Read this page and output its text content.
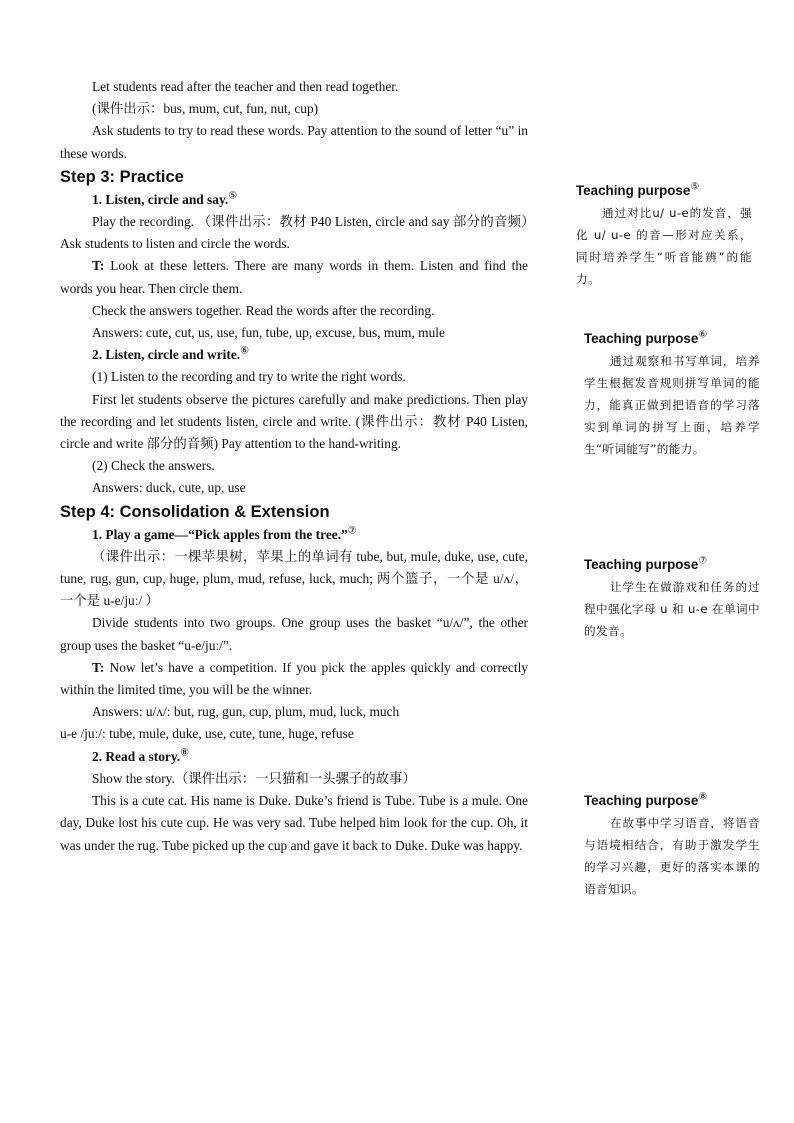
Let students read after the teacher and then read together.

(课件出示：bus, mum, cut, fun, nut, cup)

Ask students to try to read these words. Pay attention to the sound of letter “u” in these words.

Step 3: Practice

1. Listen, circle and say.⑤

Play the recording. （课件出示：教材 P40 Listen, circle and say 部分的音频）Ask students to listen and circle the words.

T: Look at these letters. There are many words in them. Listen and find the words you hear. Then circle them.

Check the answers together. Read the words after the recording.

Answers: cute, cut, us, use, fun, tube, up, excuse, bus, mum, mule

2. Listen, circle and write.⑥

(1) Listen to the recording and try to write the right words.

First let students observe the pictures carefully and make predictions. Then play the recording and let students listen, circle and write. (课件出示：教材 P40 Listen, circle and write 部分的音频) Pay attention to the hand-writing.

(2) Check the answers.

Answers: duck, cute, up, use

Step 4: Consolidation & Extension

1. Play a game—“Pick apples from the tree.”⑦

（课件出示：一棵苹果树，苹果上的单词有 tube, but, mule, duke, use, cute, tune, rug, gun, cup, huge, plum, mud, refuse, luck, much; 两个篮子，一个是 u/ʌ/，一个是 u-e/juː/ ）

Divide students into two groups. One group uses the basket “u/ʌ/”, the other group uses the basket “u-e/juː/”.

T: Now let’s have a competition. If you pick the apples quickly and correctly within the limited time, you will be the winner.

Answers: u/ʌ/: but, rug, gun, cup, plum, mud, luck, much

u-e /juː/: tube, mule, duke, use, cute, tune, huge, refuse

2. Read a story.⑧

Show the story.（课件出示：一只猫和一头骡子的故事）

This is a cute cat. His name is Duke. Duke’s friend is Tube. Tube is a mule. One day, Duke lost his cute cup. He was very sad. Tube helped him look for the cup. Oh, it was under the rug. Tube picked up the cup and gave it back to Duke. Duke was happy.

Teaching purpose⑤

通过对比u/ u-e的发音，强化 u/ u-e 的音—形对应关系，同时培养学生“听音能辨”的能力。

Teaching purpose⑥

通过观察和书写单词，培养学生根据发音规则拼写单词的能力，能真正做到把语音的学习落实到单词的拼写上面，培养学生“听词能写”的能力。

Teaching purpose⑦

让学生在做游戏和任务的过程中强化字母 u 和 u-e 在单词中的发音。

Teaching purpose⑧

在故事中学习语音，将语音与语境相结合，有助于激发学生的学习兴趣，更好的落实本课的语音知识。
